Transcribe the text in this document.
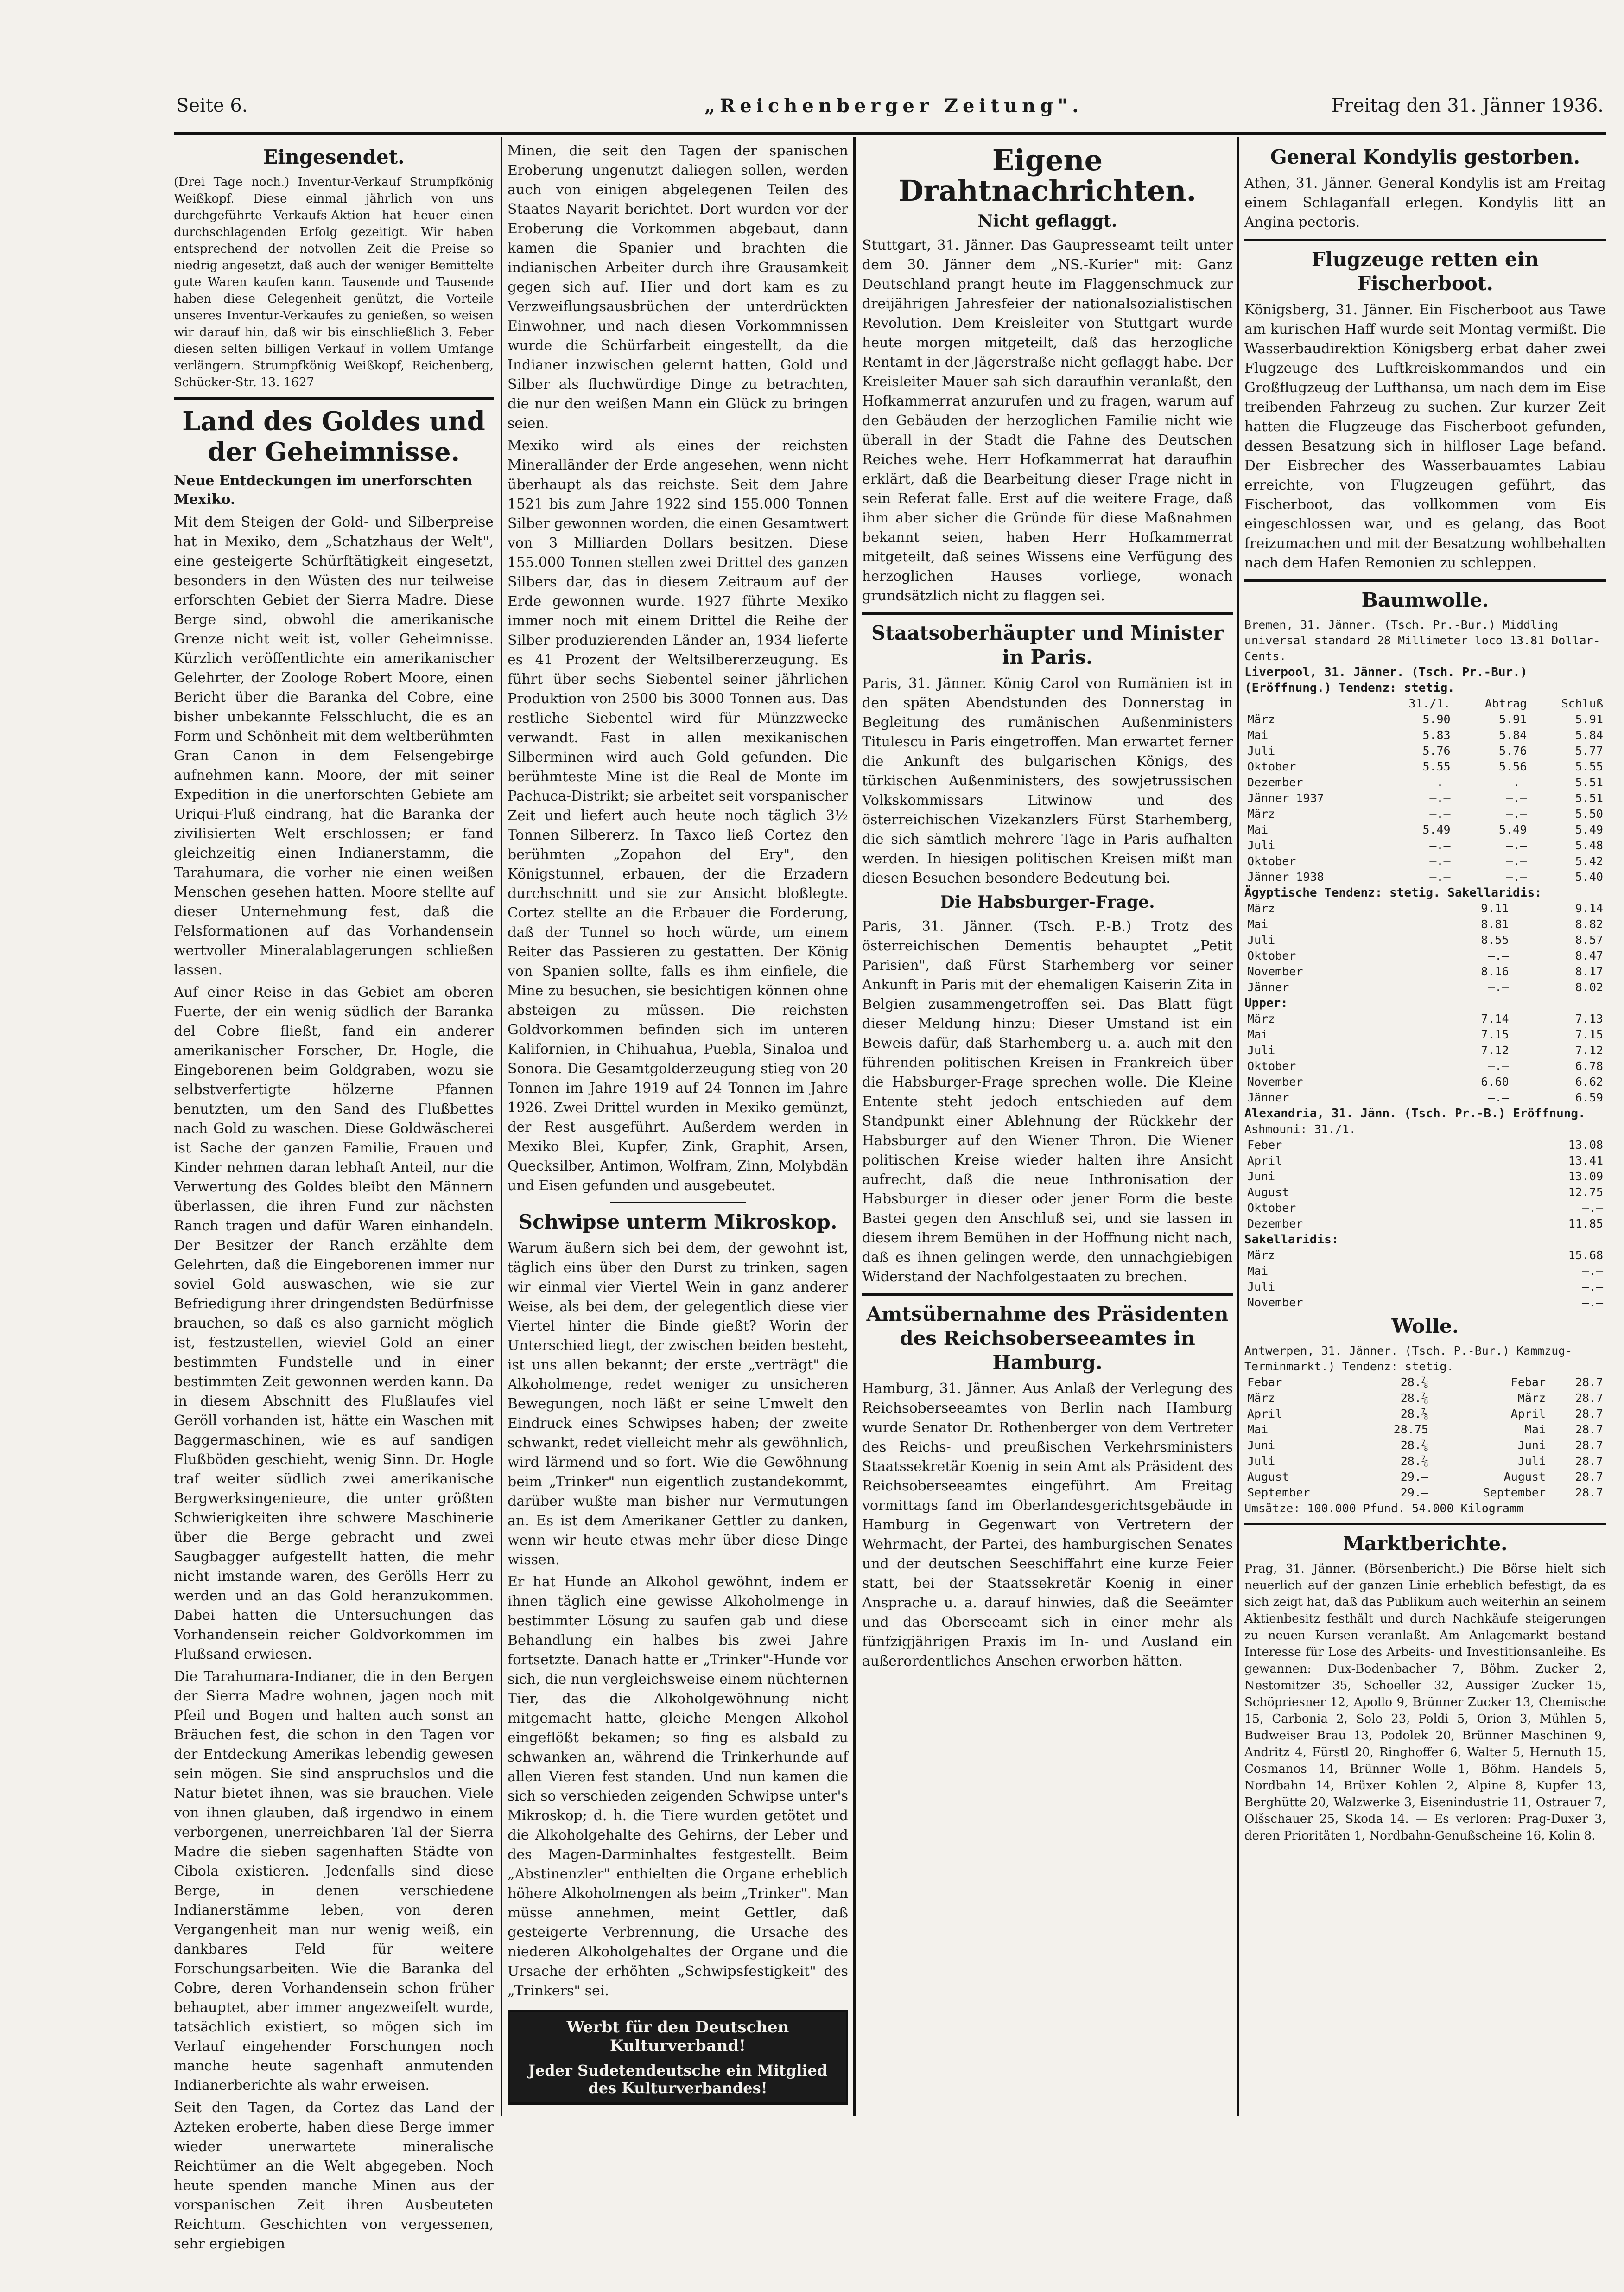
Seite 6.	„Reichenberger Zeitung".	Freitag den 31. Jänner 1936.
Eingesendet.

(Drei Tage noch.) Inventur-Verkauf Strumpfkönig Weißkopf. Diese einmal jährlich von uns durchgeführte Verkaufs-Aktion hat heuer einen durchschlagenden Erfolg gezeitigt. Wir haben entsprechend der notvollen Zeit die Preise so niedrig angesetzt, daß auch der weniger Bemittelte gute Waren kaufen kann. Tausende und Tausende haben diese Gelegenheit genützt, die Vorteile unseres Inventur-Verkaufes zu genießen, so weisen wir darauf hin, daß wir bis einschließlich 3. Feber diesen selten billigen Verkauf in vollem Umfange verlängern. Strumpfkönig Weißkopf, Reichenberg, Schücker-Str. 13. 1627

Land des Goldes und der Geheimnisse.
Neue Entdeckungen im unerforschten Mexiko.

Mit dem Steigen der Gold- und Silberpreise hat in Mexiko, dem „Schatzhaus der Welt", eine gesteigerte Schürftätigkeit eingesetzt, besonders in den Wüsten des nur teilweise erforschten Gebiet der Sierra Madre. Diese Berge sind, obwohl die amerikanische Grenze nicht weit ist, voller Geheimnisse. Kürzlich veröffentlichte ein amerikanischer Gelehrter, der Zoologe Robert Moore, einen Bericht über die Baranka del Cobre, eine bisher unbekannte Felsschlucht, die es an Form und Schönheit mit dem weltberühmten Gran Canon in dem Felsengebirge aufnehmen kann. Moore, der mit seiner Expedition in die unerforschten Gebiete am Uriqui-Fluß eindrang, hat die Baranka der zivilisierten Welt erschlossen; er fand gleichzeitig einen Indianerstamm, die Tarahumara, die vorher nie einen weißen Menschen gesehen hatten. Moore stellte auf dieser Unternehmung fest, daß die Felsformationen auf das Vorhandensein wertvoller Mineralablagerungen schließen lassen.

Auf einer Reise in das Gebiet am oberen Fuerte, der ein wenig südlich der Baranka del Cobre fließt, fand ein anderer amerikanischer Forscher, Dr. Hogle, die Eingeborenen beim Goldgraben, wozu sie selbstverfertigte hölzerne Pfannen benutzten, um den Sand des Flußbettes nach Gold zu waschen. Diese Goldwäscherei ist Sache der ganzen Familie, Frauen und Kinder nehmen daran lebhaft Anteil, nur die Verwertung des Goldes bleibt den Männern überlassen, die ihren Fund zur nächsten Ranch tragen und dafür Waren einhandeln. Der Besitzer der Ranch erzählte dem Gelehrten, daß die Eingeborenen immer nur soviel Gold auswaschen, wie sie zur Befriedigung ihrer dringendsten Bedürfnisse brauchen, so daß es also garnicht möglich ist, festzustellen, wieviel Gold an einer bestimmten Fundstelle und in einer bestimmten Zeit gewonnen werden kann. Da in diesem Abschnitt des Flußlaufes viel Geröll vorhanden ist, hätte ein Waschen mit Baggermaschinen, wie es auf sandigen Flußböden geschieht, wenig Sinn. Dr. Hogle traf weiter südlich zwei amerikanische Bergwerksingenieure, die unter größten Schwierigkeiten ihre schwere Maschinerie über die Berge gebracht und zwei Saugbagger aufgestellt hatten, die mehr nicht imstande waren, des Gerölls Herr zu werden und an das Gold heranzukommen. Dabei hatten die Untersuchungen das Vorhandensein reicher Goldvorkommen im Flußsand erwiesen.

Die Tarahumara-Indianer, die in den Bergen der Sierra Madre wohnen, jagen noch mit Pfeil und Bogen und halten auch sonst an Bräuchen fest, die schon in den Tagen vor der Entdeckung Amerikas lebendig gewesen sein mögen. Sie sind anspruchslos und die Natur bietet ihnen, was sie brauchen. Viele von ihnen glauben, daß irgendwo in einem verborgenen, unerreichbaren Tal der Sierra Madre die sieben sagenhaften Städte von Cibola existieren. Jedenfalls sind diese Berge, in denen verschiedene Indianerstämme leben, von deren Vergangenheit man nur wenig weiß, ein dankbares Feld für weitere Forschungsarbeiten. Wie die Baranka del Cobre, deren Vorhandensein schon früher behauptet, aber immer angezweifelt wurde, tatsächlich existiert, so mögen sich im Verlauf eingehender Forschungen noch manche heute sagenhaft anmutenden Indianerberichte als wahr erweisen.

Seit den Tagen, da Cortez das Land der Azteken eroberte, haben diese Berge immer wieder unerwartete mineralische Reichtümer an die Welt abgegeben. Noch heute spenden manche Minen aus der vorspanischen Zeit ihren Ausbeuteten Reichtum. Geschichten von vergessenen, sehr ergiebigen

Minen, die seit den Tagen der spanischen Eroberung ungenutzt daliegen sollen, werden auch von einigen abgelegenen Teilen des Staates Nayarit berichtet. Dort wurden vor der Eroberung die Vorkommen abgebaut, dann kamen die Spanier und brachten die indianischen Arbeiter durch ihre Grausamkeit gegen sich auf. Hier und dort kam es zu Verzweiflungsausbrüchen der unterdrückten Einwohner, und nach diesen Vorkommnissen wurde die Schürfarbeit eingestellt, da die Indianer inzwischen gelernt hatten, Gold und Silber als fluchwürdige Dinge zu betrachten, die nur den weißen Mann ein Glück zu bringen seien.

Mexiko wird als eines der reichsten Mineralländer der Erde angesehen, wenn nicht überhaupt als das reichste. Seit dem Jahre 1521 bis zum Jahre 1922 sind 155.000 Tonnen Silber gewonnen worden, die einen Gesamtwert von 3 Milliarden Dollars besitzen. Diese 155.000 Tonnen stellen zwei Drittel des ganzen Silbers dar, das in diesem Zeitraum auf der Erde gewonnen wurde. 1927 führte Mexiko immer noch mit einem Drittel die Reihe der Silber produzierenden Länder an, 1934 lieferte es 41 Prozent der Weltsilbererzeugung. Es führt über sechs Siebentel seiner jährlichen Produktion von 2500 bis 3000 Tonnen aus. Das restliche Siebentel wird für Münzzwecke verwandt. Fast in allen mexikanischen Silberminen wird auch Gold gefunden. Die berühmteste Mine ist die Real de Monte im Pachuca-Distrikt; sie arbeitet seit vorspanischer Zeit und liefert auch heute noch täglich 3½ Tonnen Silbererz. In Taxco ließ Cortez den berühmten „Zopahon del Ery", den Königstunnel, erbauen, der die Erzadern durchschnitt und sie zur Ansicht bloßlegte. Cortez stellte an die Erbauer die Forderung, daß der Tunnel so hoch würde, um einem Reiter das Passieren zu gestatten. Der König von Spanien sollte, falls es ihm einfiele, die Mine zu besuchen, sie besichtigen können ohne absteigen zu müssen. Die reichsten Goldvorkommen befinden sich im unteren Kalifornien, in Chihuahua, Puebla, Sinaloa und Sonora. Die Gesamtgolderzeugung stieg von 20 Tonnen im Jahre 1919 auf 24 Tonnen im Jahre 1926. Zwei Drittel wurden in Mexiko gemünzt, der Rest ausgeführt. Außerdem werden in Mexiko Blei, Kupfer, Zink, Graphit, Arsen, Quecksilber, Antimon, Wolfram, Zinn, Molybdän und Eisen gefunden und ausgebeutet.

Schwipse unterm Mikroskop.

Warum äußern sich bei dem, der gewohnt ist, täglich eins über den Durst zu trinken, sagen wir einmal vier Viertel Wein in ganz anderer Weise, als bei dem, der gelegentlich diese vier Viertel hinter die Binde gießt? Worin der Unterschied liegt, der zwischen beiden besteht, ist uns allen bekannt; der erste „verträgt" die Alkoholmenge, redet weniger zu unsicheren Bewegungen, noch läßt er seine Umwelt den Eindruck eines Schwipses haben; der zweite schwankt, redet vielleicht mehr als gewöhnlich, wird lärmend und so fort. Wie die Gewöhnung beim „Trinker" nun eigentlich zustandekommt, darüber wußte man bisher nur Vermutungen an. Es ist dem Amerikaner Gettler zu danken, wenn wir heute etwas mehr über diese Dinge wissen.

Er hat Hunde an Alkohol gewöhnt, indem er ihnen täglich eine gewisse Alkoholmenge in bestimmter Lösung zu saufen gab und diese Behandlung ein halbes bis zwei Jahre fortsetzte. Danach hatte er „Trinker"-Hunde vor sich, die nun vergleichsweise einem nüchternen Tier, das die Alkoholgewöhnung nicht mitgemacht hatte, gleiche Mengen Alkohol eingeflößt bekamen; so fing es alsbald zu schwanken an, während die Trinkerhunde auf allen Vieren fest standen. Und nun kamen die sich so verschieden zeigenden Schwipse unter's Mikroskop; d. h. die Tiere wurden getötet und die Alkoholgehalte des Gehirns, der Leber und des Magen-Darminhaltes festgestellt. Beim „Abstinenzler" enthielten die Organe erheblich höhere Alkoholmengen als beim „Trinker". Man müsse annehmen, meint Gettler, daß gesteigerte Verbrennung, die Ursache des niederen Alkoholgehaltes der Organe und die Ursache der erhöhten „Schwipsfestigkeit" des „Trinkers" sei.

Werbt für den Deutschen Kulturverband!
Jeder Sudetendeutsche ein Mitglied des Kulturverbandes!
Eigene Drahtnachrichten.
Nicht geflaggt.

Stuttgart, 31. Jänner. Das Gaupresseamt teilt unter dem 30. Jänner dem „NS.-Kurier" mit: Ganz Deutschland prangt heute im Flaggenschmuck zur dreijährigen Jahresfeier der nationalsozialistischen Revolution. Dem Kreisleiter von Stuttgart wurde heute morgen mitgeteilt, daß das herzogliche Rentamt in der Jägerstraße nicht geflaggt habe. Der Kreisleiter Mauer sah sich daraufhin veranlaßt, den Hofkammerrat anzurufen und zu fragen, warum auf den Gebäuden der herzoglichen Familie nicht wie überall in der Stadt die Fahne des Deutschen Reiches wehe. Herr Hofkammerrat hat daraufhin erklärt, daß die Bearbeitung dieser Frage nicht in sein Referat falle. Erst auf die weitere Frage, daß ihm aber sicher die Gründe für diese Maßnahmen bekannt seien, haben Herr Hofkammerrat mitgeteilt, daß seines Wissens eine Verfügung des herzoglichen Hauses vorliege, wonach grundsätzlich nicht zu flaggen sei.

Staatsoberhäupter und Minister in Paris.

Paris, 31. Jänner. König Carol von Rumänien ist in den späten Abendstunden des Donnerstag in Begleitung des rumänischen Außenministers Titulescu in Paris eingetroffen. Man erwartet ferner die Ankunft des bulgarischen Königs, des türkischen Außenministers, des sowjetrussischen Volkskommissars Litwinow und des österreichischen Vizekanzlers Fürst Starhemberg, die sich sämtlich mehrere Tage in Paris aufhalten werden. In hiesigen politischen Kreisen mißt man diesen Besuchen besondere Bedeutung bei.

Die Habsburger-Frage.

Paris, 31. Jänner. (Tsch. P.-B.) Trotz des österreichischen Dementis behauptet „Petit Parisien", daß Fürst Starhemberg vor seiner Ankunft in Paris mit der ehemaligen Kaiserin Zita in Belgien zusammengetroffen sei. Das Blatt fügt dieser Meldung hinzu: Dieser Umstand ist ein Beweis dafür, daß Starhemberg u. a. auch mit den führenden politischen Kreisen in Frankreich über die Habsburger-Frage sprechen wolle. Die Kleine Entente steht jedoch entschieden auf dem Standpunkt einer Ablehnung der Rückkehr der Habsburger auf den Wiener Thron. Die Wiener politischen Kreise wieder halten ihre Ansicht aufrecht, daß die neue Inthronisation der Habsburger in dieser oder jener Form die beste Bastei gegen den Anschluß sei, und sie lassen in diesem ihrem Bemühen in der Hoffnung nicht nach, daß es ihnen gelingen werde, den unnachgiebigen Widerstand der Nachfolgestaaten zu brechen.

Amtsübernahme des Präsidenten des Reichsoberseeamtes in Hamburg.

Hamburg, 31. Jänner. Aus Anlaß der Verlegung des Reichsoberseeamtes von Berlin nach Hamburg wurde Senator Dr. Rothenberger von dem Vertreter des Reichs- und preußischen Verkehrsministers Staatssekretär Koenig in sein Amt als Präsident des Reichsoberseeamtes eingeführt. Am Freitag vormittags fand im Oberlandesgerichtsgebäude in Hamburg in Gegenwart von Vertretern der Wehrmacht, der Partei, des hamburgischen Senates und der deutschen Seeschiffahrt eine kurze Feier statt, bei der Staatssekretär Koenig in einer Ansprache u. a. darauf hinwies, daß die Seeämter und das Oberseeamt sich in einer mehr als fünfzigjährigen Praxis im In- und Ausland ein außerordentliches Ansehen erworben hätten.

General Kondylis gestorben.

Athen, 31. Jänner. General Kondylis ist am Freitag einem Schlaganfall erlegen. Kondylis litt an Angina pectoris.

Flugzeuge retten ein Fischerboot.

Königsberg, 31. Jänner. Ein Fischerboot aus Tawe am kurischen Haff wurde seit Montag vermißt. Die Wasserbaudirektion Königsberg erbat daher zwei Flugzeuge des Luftkreiskommandos und ein Großflugzeug der Lufthansa, um nach dem im Eise treibenden Fahrzeug zu suchen. Zur kurzer Zeit hatten die Flugzeuge das Fischerboot gefunden, dessen Besatzung sich in hilfloser Lage befand. Der Eisbrecher des Wasserbauamtes Labiau erreichte, von Flugzeugen geführt, das Fischerboot, das vollkommen vom Eis eingeschlossen war, und es gelang, das Boot freizumachen und mit der Besatzung wohlbehalten nach dem Hafen Remonien zu schleppen.

Baumwolle.
Bremen, 31. Jänner. (Tsch. Pr.-Bur.) Middling universal standard 28 Millimeter loco 13.81 Dollar-Cents.
Liverpool, 31. Jänner. (Tsch. Pr.-Bur.) (Eröffnung.) Tendenz: stetig.
	31./1.	Abtrag	Schluß
März	5.90	5.91	5.91
Mai	5.83	5.84	5.84
Juli	5.76	5.76	5.77
Oktober	5.55	5.56	5.55
Dezember	—.—	—.—	5.51
Jänner 1937	—.—	—.—	5.51
März	—.—	—.—	5.50
Mai	5.49	5.49	5.49
Juli	—.—	—.—	5.48
Oktober	—.—	—.—	5.42
Jänner 1938	—.—	—.—	5.40
Ägyptische Tendenz: stetig. Sakellaridis:
März	9.11	9.14
Mai	8.81	8.82
Juli	8.55	8.57
Oktober	—.—	8.47
November	8.16	8.17
Jänner	—.—	8.02
Upper:
März	7.14	7.13
Mai	7.15	7.15
Juli	7.12	7.12
Oktober	—.—	6.78
November	6.60	6.62
Jänner	—.—	6.59
Alexandria, 31. Jänn. (Tsch. Pr.-B.) Eröffnung.
Ashmouni: 31./1.
Feber	13.08
April	13.41
Juni	13.09
August	12.75
Oktober	—.—
Dezember	11.85
Sakellaridis:
März	15.68
Mai	—.—
Juli	—.—
November	—.—
Wolle.
Antwerpen, 31. Jänner. (Tsch. P.-Bur.) Kammzug-Terminmarkt.) Tendenz: stetig.
Febar	28.⅞	Febar	28.7
März	28.⅞	März	28.7
April	28.⅞	April	28.7
Mai	28.75	Mai	28.7
Juni	28.⅞	Juni	28.7
Juli	28.⅞	Juli	28.7
August	29.—	August	28.7
September	29.—	September	28.7
Umsätze: 100.000 Pfund. 54.000 Kilogramm
Marktberichte.

Prag, 31. Jänner. (Börsenbericht.) Die Börse hielt sich neuerlich auf der ganzen Linie erheblich befestigt, da es sich zeigt hat, daß das Publikum auch weiterhin an seinem Aktienbesitz festhält und durch Nachkäufe steigerungen zu neuen Kursen veranlaßt. Am Anlagemarkt bestand Interesse für Lose des Arbeits- und Investitionsanleihe. Es gewannen: Dux-Bodenbacher 7, Böhm. Zucker 2, Nestomitzer 35, Schoeller 32, Aussiger Zucker 15, Schöpriesner 12, Apollo 9, Brünner Zucker 13, Chemische 15, Carbonia 2, Solo 23, Poldi 5, Orion 3, Mühlen 5, Budweiser Brau 13, Podolek 20, Brünner Maschinen 9, Andritz 4, Fürstl 20, Ringhoffer 6, Walter 5, Hernuth 15, Cosmanos 14, Brünner Wolle 1, Böhm. Handels 5, Nordbahn 14, Brüxer Kohlen 2, Alpine 8, Kupfer 13, Berghütte 20, Walzwerke 3, Eisenindustrie 11, Ostrauer 7, Olšschauer 25, Skoda 14. — Es verloren: Prag-Duxer 3, deren Prioritäten 1, Nordbahn-Genußscheine 16, Kolin 8.
